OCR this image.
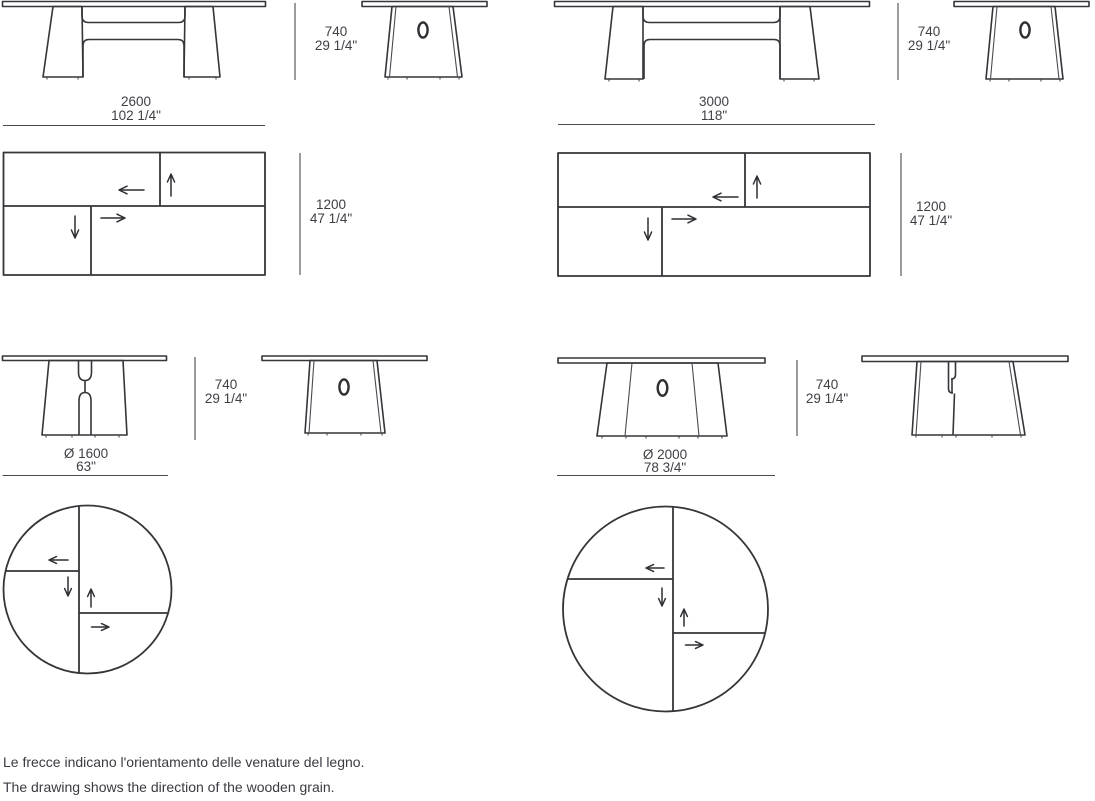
740
29 1/4"
2600
102 1/4"
1200
47 1/4"
740
29 1/4"
3000
118"
1200
47 1/4"
740
29 1/4"
Ø 1600
63"
740
29 1/4"
Ø 2000
78 3/4"

Le frecce indicano l'orientamento delle venature del legno.

The drawing shows the direction of the wooden grain.
